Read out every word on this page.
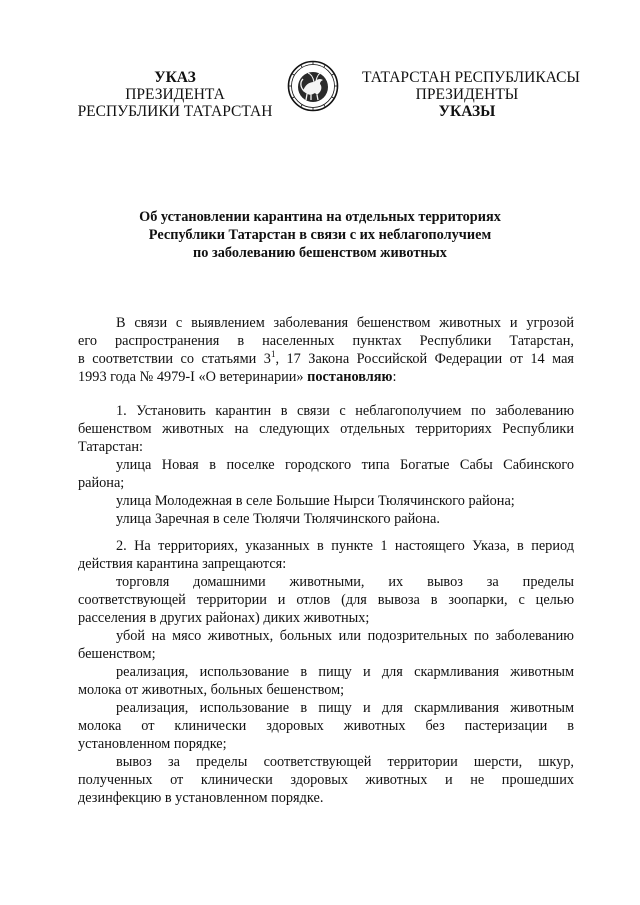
УКАЗ
ПРЕЗИДЕНТА
РЕСПУБЛИКИ ТАТАРСТАН
ТАТАРСТАН РЕСПУБЛИКАСЫ
ПРЕЗИДЕНТЫ
УКАЗЫ
Об установлении карантина на отдельных территориях
Республики Татарстан в связи с их неблагополучием
по заболеванию бешенством животных

В связи с выявлением заболевания бешенством животных и угрозой

его распространения в населенных пунктах Республики Татарстан,

в соответствии со статьями $3^1$, 17 Закона Российской Федерации от 14 мая

1993 года № 4979-I «О ветеринарии» постановляю:

1. Установить карантин в связи с неблагополучием по заболеванию

бешенством животных на следующих отдельных территориях Республики

Татарстан:

улица Новая в поселке городского типа Богатые Сабы Сабинского

района;

улица Молодежная в селе Большие Нырси Тюлячинского района;

улица Заречная в селе Тюлячи Тюлячинского района.

2. На территориях, указанных в пункте 1 настоящего Указа, в период

действия карантина запрещаются:

торговля домашними животными, их вывоз за пределы

соответствующей территории и отлов (для вывоза в зоопарки, с целью

расселения в других районах) диких животных;

убой на мясо животных, больных или подозрительных по заболеванию

бешенством;

реализация, использование в пищу и для скармливания животным

молока от животных, больных бешенством;

реализация, использование в пищу и для скармливания животным

молока от клинически здоровых животных без пастеризации в

установленном порядке;

вывоз за пределы соответствующей территории шерсти, шкур,

полученных от клинически здоровых животных и не прошедших

дезинфекцию в установленном порядке.
